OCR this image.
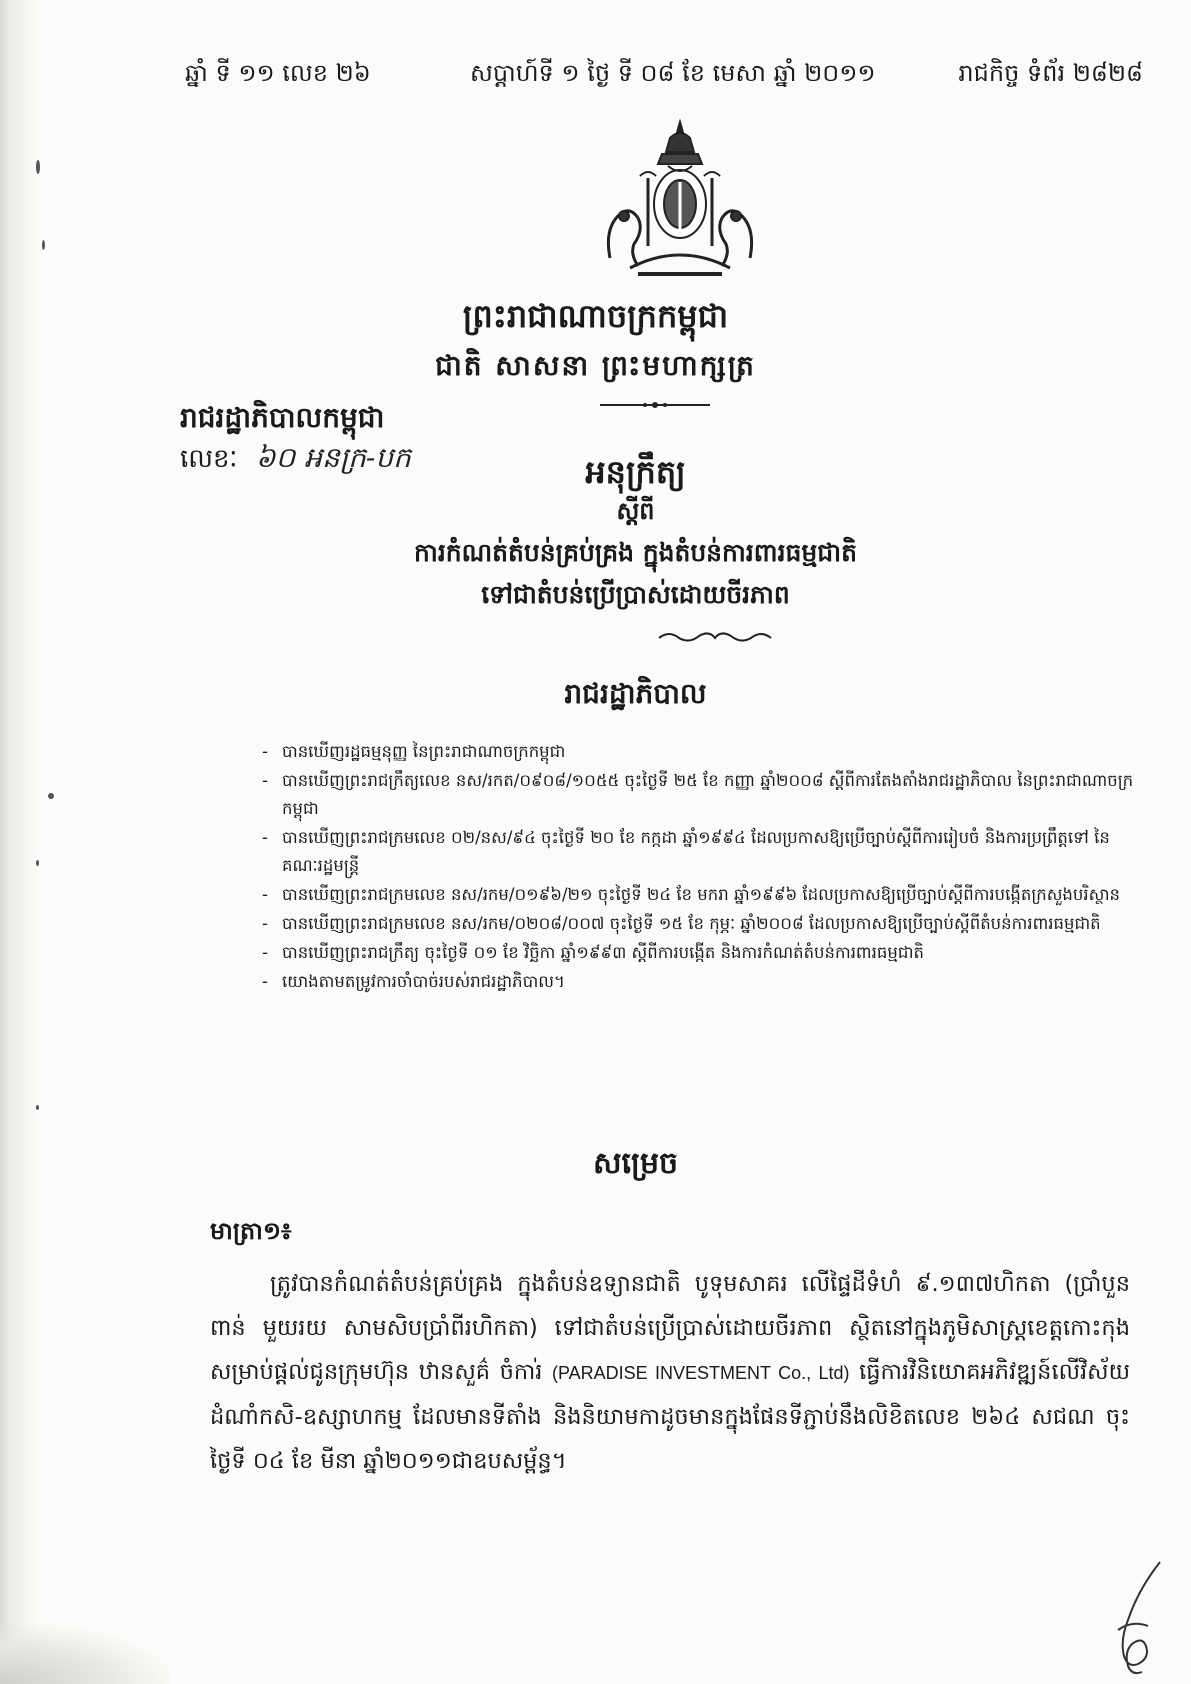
ឆ្នាំ ទី ១១ លេខ ២៦	សប្តាហ៍ទី ១ ថ្ងៃ ទី ០៨ ខែ មេសា ឆ្នាំ ២០១១	រាជកិច្ច ទំព័រ ២៨២៨
ព្រះរាជាណាចក្រកម្ពុជា
ជាតិ សាសនា ព្រះមហាក្សត្រ
រាជរដ្ឋាភិបាលកម្ពុជា
លេខៈ ៦០ អនក្រ-បក	អនុក្រឹត្យ
ស្តីពី
ការកំណត់តំបន់គ្រប់គ្រង ក្នុងតំបន់ការពារធម្មជាតិ
ទៅជាតំបន់ប្រើប្រាស់ដោយចីរភាព
រាជរដ្ឋាភិបាល
- បានឃើញរដ្ឋធម្មនុញ្ញ នៃព្រះរាជាណាចក្រកម្ពុជា
- បានឃើញព្រះរាជក្រឹត្យលេខ នស/រកត/០៩០៨/១០៥៥ ចុះថ្ងៃទី ២៥ ខែ កញ្ញា ឆ្នាំ២០០៨ ស្តីពីការតែងតាំងរាជរដ្ឋាភិបាល នៃព្រះរាជាណាចក្រកម្ពុជា
- បានឃើញព្រះរាជក្រមលេខ ០២/នស/៩៤ ចុះថ្ងៃទី ២០ ខែ កក្កដា ឆ្នាំ១៩៩៤ ដែលប្រកាសឱ្យប្រើច្បាប់ស្តីពីការរៀបចំ និងការប្រព្រឹត្តទៅ នៃគណៈរដ្ឋមន្ត្រី
- បានឃើញព្រះរាជក្រមលេខ នស/រកម/០១៩៦/២១ ចុះថ្ងៃទី ២៤ ខែ មករា ឆ្នាំ១៩៩៦ ដែលប្រកាសឱ្យប្រើច្បាប់ស្តីពីការបង្កើតក្រសួងបរិស្ថាន
- បានឃើញព្រះរាជក្រមលេខ នស/រកម/០២០៨/០០៧ ចុះថ្ងៃទី ១៥ ខែ កុម្ភៈ ឆ្នាំ២០០៨ ដែលប្រកាសឱ្យប្រើច្បាប់ស្តីពីតំបន់ការពារធម្មជាតិ
- បានឃើញព្រះរាជក្រឹត្យ ចុះថ្ងៃទី ០១ ខែ វិច្ឆិកា ឆ្នាំ១៩៩៣ ស្តីពីការបង្កើត និងការកំណត់តំបន់ការពារធម្មជាតិ
- យោងតាមតម្រូវការចាំបាច់របស់រាជរដ្ឋាភិបាល។
សម្រេច
មាត្រា១៖
ត្រូវបានកំណត់តំបន់គ្រប់គ្រង ក្នុងតំបន់ឧទ្យានជាតិ បូទុមសាគរ លើផ្ទៃដីទំហំ ៩.១៣៧ហិកតា (ប្រាំបួនពាន់ មួយរយ សាមសិបប្រាំពីរហិកតា) ទៅជាតំបន់ប្រើប្រាស់ដោយចីរភាព ស្ថិតនៅក្នុងភូមិសាស្ត្រខេត្តកោះកុង សម្រាប់ផ្តល់ជូនក្រុមហ៊ុន ឋានសួគ៌ ចំការ់ (PARADISE INVESTMENT Co., Ltd) ធ្វើការវិនិយោគអភិវឌ្ឍន៍លើវិស័យដំណាំកសិ-ឧស្សាហកម្ម ដែលមានទីតាំង និងនិយាមកាដូចមានក្នុងផែនទីភ្ជាប់នឹងលិខិតលេខ ២៦៤ សជណ ចុះថ្ងៃទី ០៤ ខែ មីនា ឆ្នាំ២០១១ជាឧបសម្ព័ន្ធ។
